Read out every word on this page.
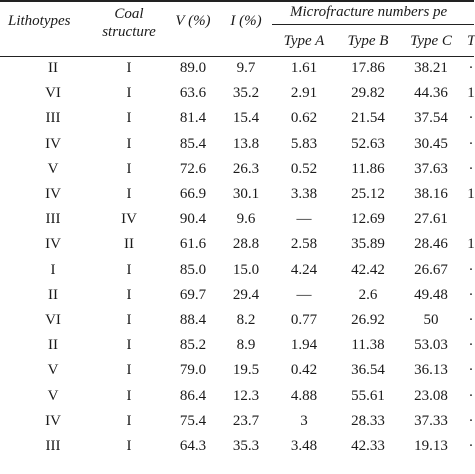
Lithotypes	Coal
structure
V (%) I (%)
Microfracture numbers pe
Type A Type B Type C T
II	I	89.0 9.7 1.61 17.86 38.21 ·
VI	I	63.6 35.2 2.91 29.82 44.36 1
III	I	81.4 15.4 0.62 21.54 37.54 ·
IV	I	85.4 13.8 5.83 52.63 30.45 ·
V	I	72.6 26.3 0.52 11.86 37.63 ·
IV	I	66.9 30.1 3.38 25.12 38.16 1
III	IV	90.4 9.6	—	12.69 27.61
IV	II	61.6 28.8 2.58 35.89 28.46 1
I	I	85.0 15.0 4.24 42.42 26.67 ·
II	I	69.7 29.4 —	2.6 49.48 ·
VI	I	88.4 8.2 0.77 26.92	50 ·
II	I	85.2 8.9 1.94 11.38 53.03 ·
V	I	79.0 19.5 0.42 36.54 36.13 ·
V	I	86.4 12.3 4.88 55.61 23.08 ·
IV	I	75.4 23.7	3	28.33 37.33 ·
III	I	64.3 35.3 3.48 42.33 19.13 ·
